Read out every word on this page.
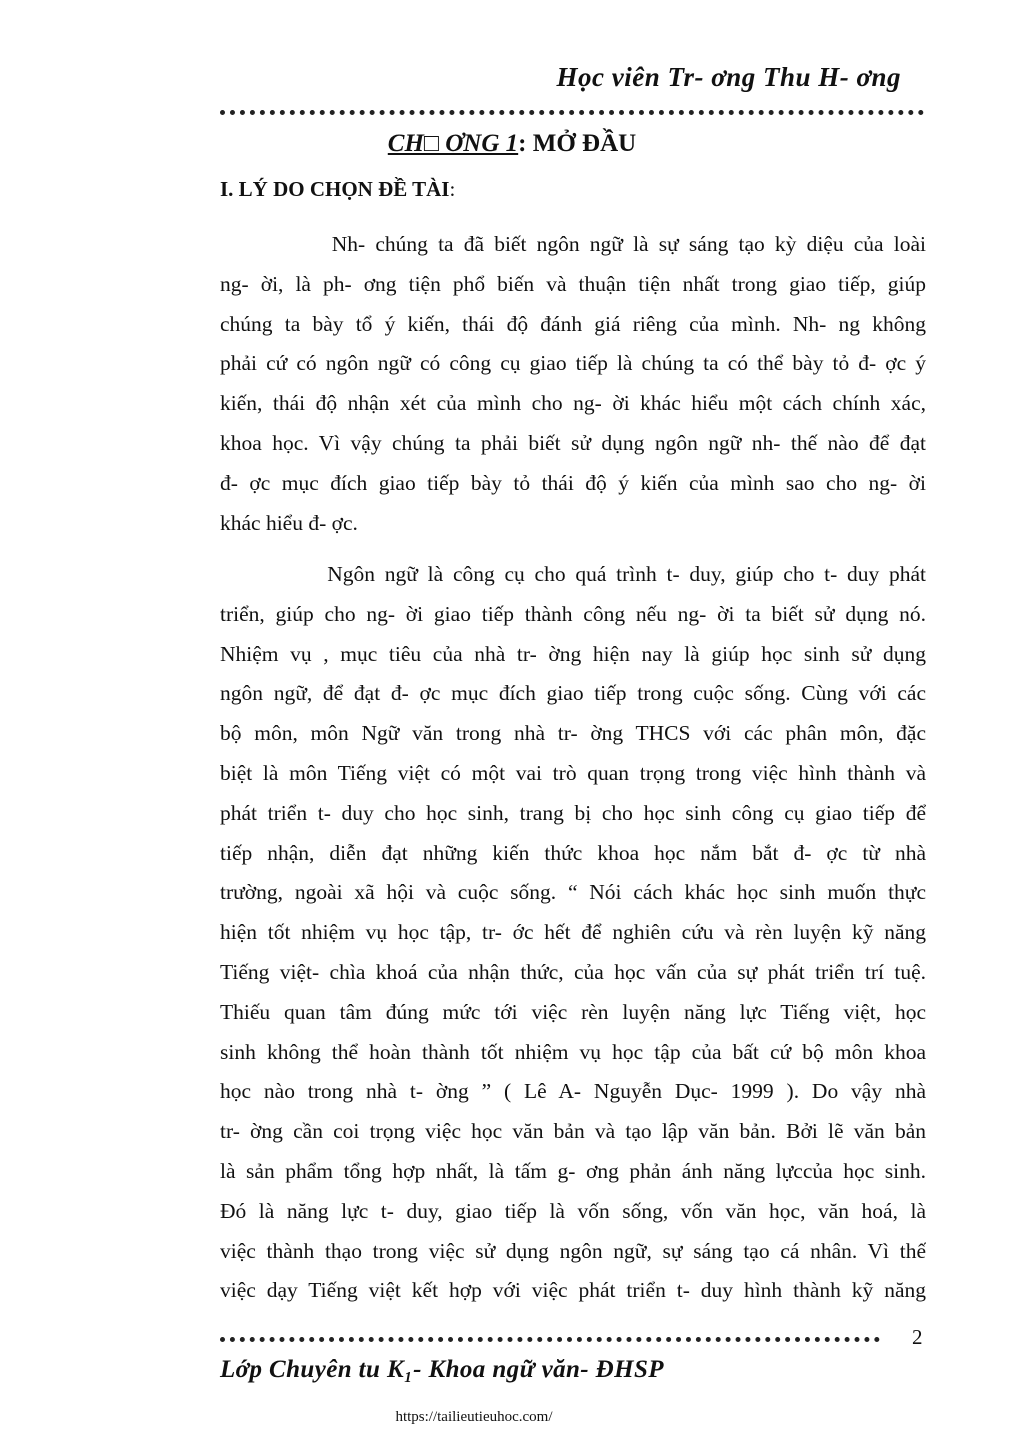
Học viên Tr- ơng Thu H- ơng
CH□ ƠNG 1: MỞ ĐẦU
I. LÝ DO CHỌN ĐỀ TÀI:
Nh- chúng ta đã biết ngôn ngữ là sự sáng tạo kỳ diệu của loài
ng- ời, là ph- ơng tiện phổ biến và thuận tiện nhất trong giao tiếp, giúp
chúng ta bày tổ ý kiến, thái độ đánh giá riêng của mình. Nh- ng không
phải cứ có ngôn ngữ có công cụ giao tiếp là chúng ta có thể bày tỏ đ- ợc ý
kiến, thái độ nhận xét của mình cho ng- ời khác hiểu một cách chính xác,
khoa học. Vì vậy chúng ta phải biết sử dụng ngôn ngữ nh- thế nào để đạt
đ- ợc mục đích giao tiếp bày tỏ thái độ ý kiến của mình sao cho ng- ời
khác hiểu đ- ợc.
Ngôn ngữ là công cụ cho quá trình t- duy, giúp cho t- duy phát
triển, giúp cho ng- ời giao tiếp thành công nếu ng- ời ta biết sử dụng nó.
Nhiệm vụ , mục tiêu của nhà tr- ờng hiện nay là giúp học sinh sử dụng
ngôn ngữ, để đạt đ- ợc mục đích giao tiếp trong cuộc sống. Cùng với các
bộ môn, môn Ngữ văn trong nhà tr- ờng THCS với các phân môn, đặc
biệt là môn Tiếng việt có một vai trò quan trọng trong việc hình thành và
phát triển t- duy cho học sinh, trang bị cho học sinh công cụ giao tiếp để
tiếp nhận, diễn đạt những kiến thức khoa học nắm bắt đ- ợc từ nhà
trường, ngoài xã hội và cuộc sống. “ Nói cách khác học sinh muốn thực
hiện tốt nhiệm vụ học tập, tr- ớc hết để nghiên cứu và rèn luyện kỹ năng
Tiếng việt- chìa khoá của nhận thức, của học vấn của sự phát triển trí tuệ.
Thiếu quan tâm đúng mức tới việc rèn luyện năng lực Tiếng việt, học
sinh không thể hoàn thành tốt nhiệm vụ học tập của bất cứ bộ môn khoa
học nào trong nhà t- ờng ” ( Lê A- Nguyễn Dục- 1999 ). Do vậy nhà
tr- ờng cần coi trọng việc học văn bản và tạo lập văn bản. Bởi lẽ văn bản
là sản phẩm tổng hợp nhất, là tấm g- ơng phản ánh năng lựccủa học sinh.
Đó là năng lực t- duy, giao tiếp là vốn sống, vốn văn học, văn hoá, là
việc thành thạo trong việc sử dụng ngôn ngữ, sự sáng tạo cá nhân. Vì thế
việc dạy Tiếng việt kết hợp với việc phát triển t- duy hình thành kỹ năng
2
Lớp Chuyên tu K₁- Khoa ngữ văn- ĐHSP
https://tailieutieuhoc.com/
